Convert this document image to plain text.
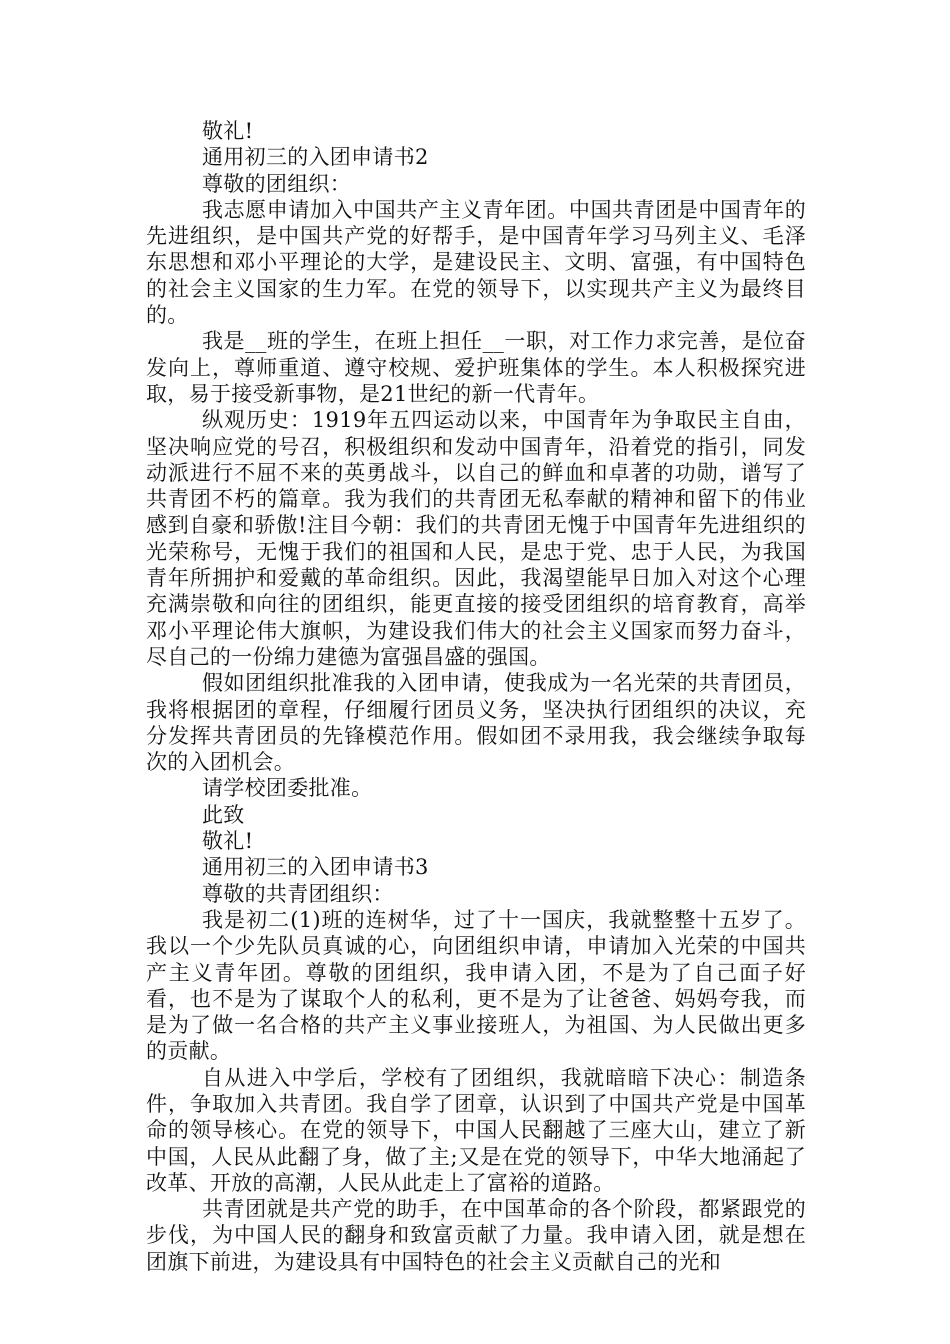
敬礼!

通用初三的入团申请书2

尊敬的团组织：

我志愿申请加入中国共产主义青年团。中国共青团是中国青年的先进组织，是中国共产党的好帮手，是中国青年学习马列主义、毛泽东思想和邓小平理论的大学，是建设民主、文明、富强，有中国特色的社会主义国家的生力军。在党的领导下，以实现共产主义为最终目的。

我是__班的学生，在班上担任__一职，对工作力求完善，是位奋发向上，尊师重道、遵守校规、爱护班集体的学生。本人积极探究进取，易于接受新事物，是21世纪的新一代青年。

纵观历史：1919年五四运动以来，中国青年为争取民主自由，坚决响应党的号召，积极组织和发动中国青年，沿着党的指引，同发动派进行不屈不来的英勇战斗，以自己的鲜血和卓著的功勋，谱写了共青团不朽的篇章。我为我们的共青团无私奉献的精神和留下的伟业感到自豪和骄傲!注目今朝：我们的共青团无愧于中国青年先进组织的光荣称号，无愧于我们的祖国和人民，是忠于党、忠于人民，为我国青年所拥护和爱戴的革命组织。因此，我渴望能早日加入对这个心理充满崇敬和向往的团组织，能更直接的接受团组织的培育教育，高举邓小平理论伟大旗帜，为建设我们伟大的社会主义国家而努力奋斗，尽自己的一份绵力建德为富强昌盛的强国。

假如团组织批准我的入团申请，使我成为一名光荣的共青团员，我将根据团的章程，仔细履行团员义务，坚决执行团组织的决议，充分发挥共青团员的先锋模范作用。假如团不录用我，我会继续争取每次的入团机会。

请学校团委批准。

此致

敬礼!

通用初三的入团申请书3

尊敬的共青团组织：

我是初二(1)班的连树华，过了十一国庆，我就整整十五岁了。我以一个少先队员真诚的心，向团组织申请，申请加入光荣的中国共产主义青年团。尊敬的团组织，我申请入团，不是为了自己面子好看，也不是为了谋取个人的私利，更不是为了让爸爸、妈妈夸我，而是为了做一名合格的共产主义事业接班人，为祖国、为人民做出更多的贡献。

自从进入中学后，学校有了团组织，我就暗暗下决心：制造条件，争取加入共青团。我自学了团章，认识到了中国共产党是中国革命的领导核心。在党的领导下，中国人民翻越了三座大山，建立了新中国，人民从此翻了身，做了主;又是在党的领导下，中华大地涌起了改革、开放的高潮，人民从此走上了富裕的道路。

共青团就是共产党的助手，在中国革命的各个阶段，都紧跟党的步伐，为中国人民的翻身和致富贡献了力量。我申请入团，就是想在团旗下前进，为建设具有中国特色的社会主义贡献自己的光和
